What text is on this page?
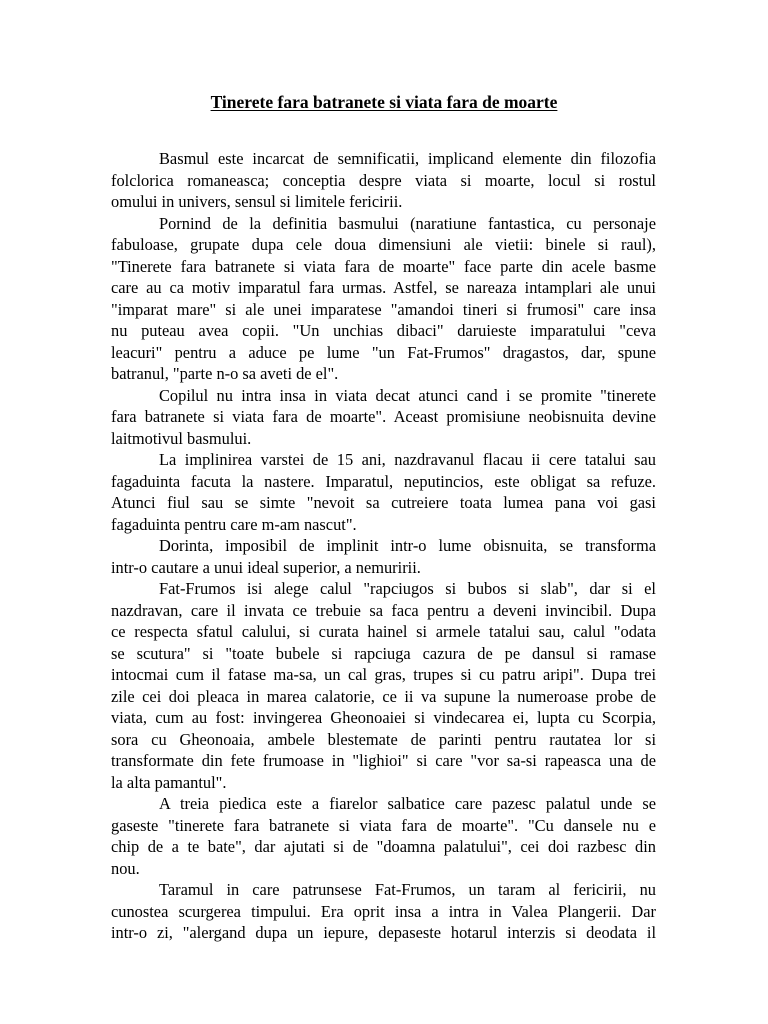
Tinerete fara batranete si viata fara de moarte
Basmul este incarcat de semnificatii, implicand elemente din filozofia
folclorica romaneasca; conceptia despre viata si moarte, locul si rostul
omului in univers, sensul si limitele fericirii.
Pornind de la definitia basmului (naratiune fantastica, cu personaje
fabuloase, grupate dupa cele doua dimensiuni ale vietii: binele si raul),
"Tinerete fara batranete si viata fara de moarte" face parte din acele basme
care au ca motiv imparatul fara urmas. Astfel, se nareaza intamplari ale unui
"imparat mare" si ale unei imparatese "amandoi tineri si frumosi" care insa
nu puteau avea copii. "Un unchias dibaci" daruieste imparatului "ceva
leacuri" pentru a aduce pe lume "un Fat-Frumos" dragastos, dar, spune
batranul, "parte n-o sa aveti de el".
Copilul nu intra insa in viata decat atunci cand i se promite "tinerete
fara batranete si viata fara de moarte". Aceast promisiune neobisnuita devine
laitmotivul basmului.
La implinirea varstei de 15 ani, nazdravanul flacau ii cere tatalui sau
fagaduinta facuta la nastere. Imparatul, neputincios, este obligat sa refuze.
Atunci fiul sau se simte "nevoit sa cutreiere toata lumea pana voi gasi
fagaduinta pentru care m-am nascut".
Dorinta, imposibil de implinit intr-o lume obisnuita, se transforma
intr-o cautare a unui ideal superior, a nemuririi.
Fat-Frumos isi alege calul "rapciugos si bubos si slab", dar si el
nazdravan, care il invata ce trebuie sa faca pentru a deveni invincibil. Dupa
ce respecta sfatul calului, si curata hainel si armele tatalui sau, calul "odata
se scutura" si "toate bubele si rapciuga cazura de pe dansul si ramase
intocmai cum il fatase ma-sa, un cal gras, trupes si cu patru aripi". Dupa trei
zile cei doi pleaca in marea calatorie, ce ii va supune la numeroase probe de
viata, cum au fost: invingerea Gheonoaiei si vindecarea ei, lupta cu Scorpia,
sora cu Gheonoaia, ambele blestemate de parinti pentru rautatea lor si
transformate din fete frumoase in "lighioi" si care "vor sa-si rapeasca una de
la alta pamantul".
A treia piedica este a fiarelor salbatice care pazesc palatul unde se
gaseste "tinerete fara batranete si viata fara de moarte". "Cu dansele nu e
chip de a te bate", dar ajutati si de "doamna palatului", cei doi razbesc din
nou.
Taramul in care patrunsese Fat-Frumos, un taram al fericirii, nu
cunostea scurgerea timpului. Era oprit insa a intra in Valea Plangerii. Dar
intr-o zi, "alergand dupa un iepure, depaseste hotarul interzis si deodata il
